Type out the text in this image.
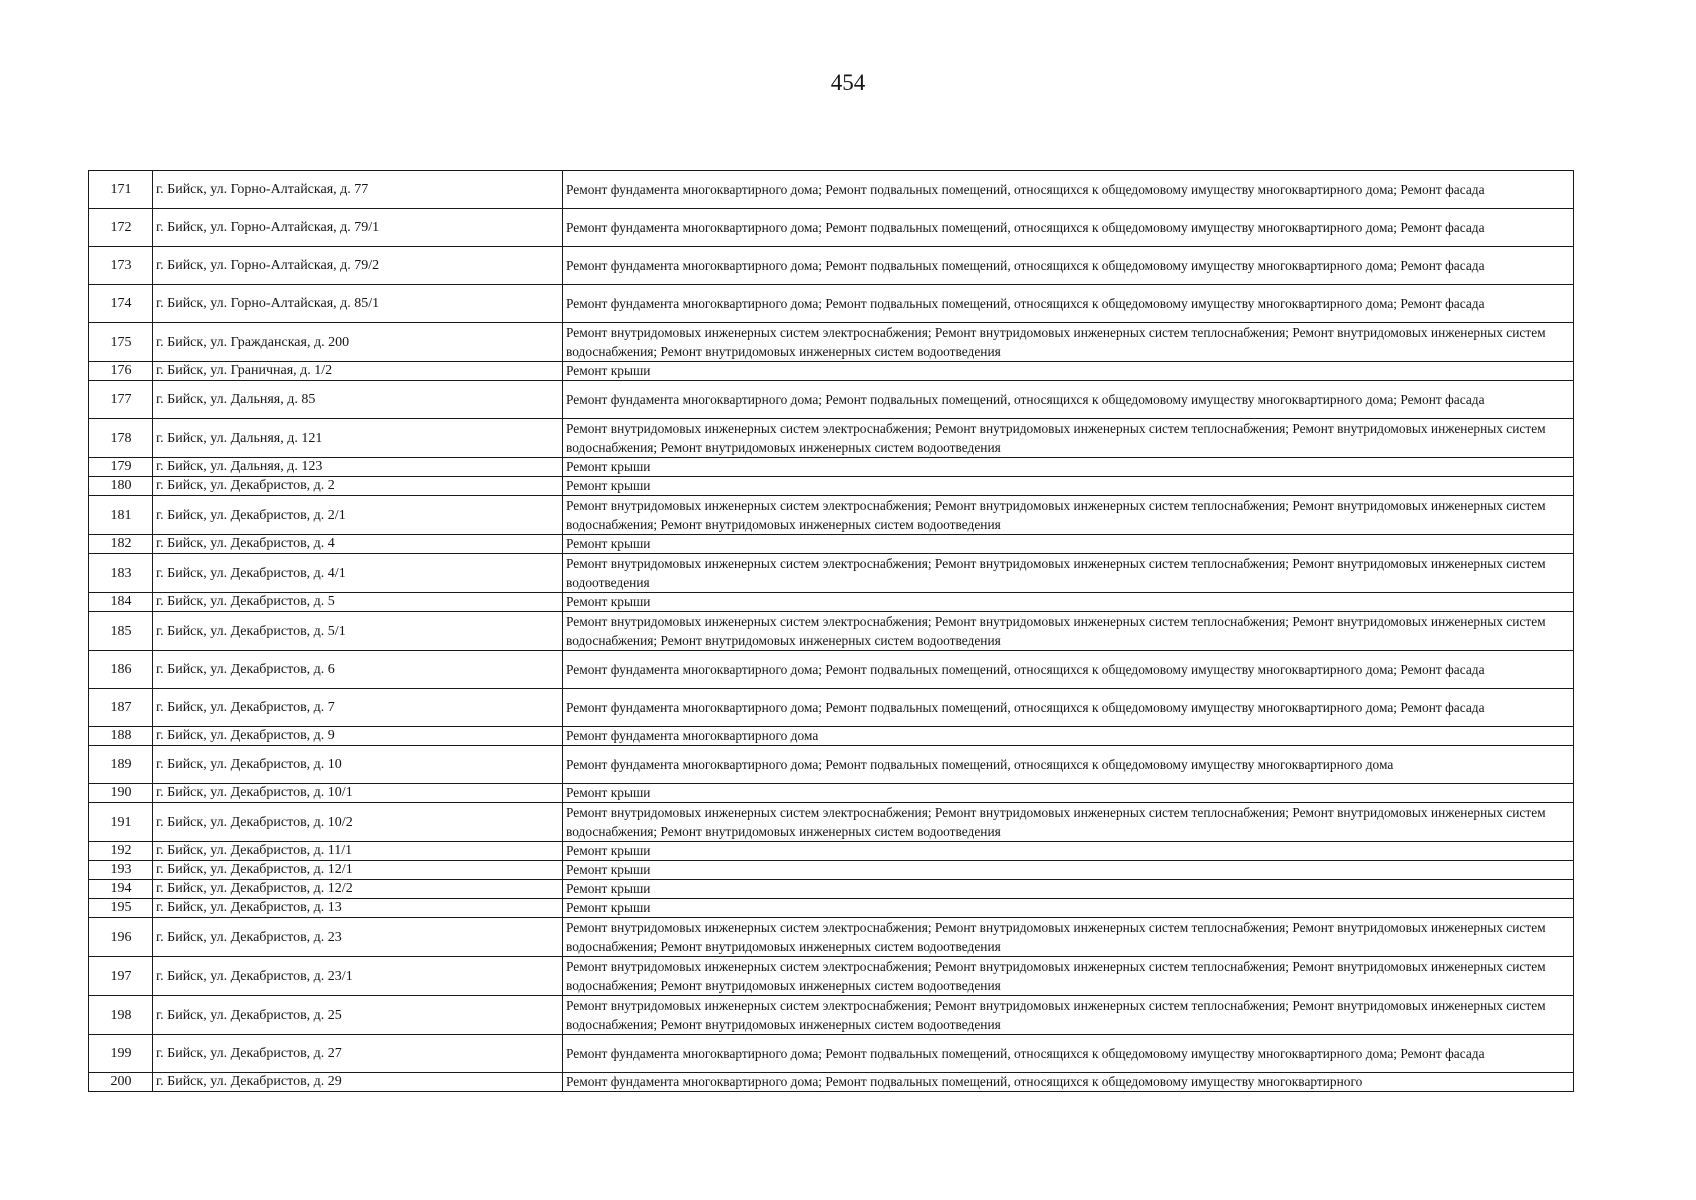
454
171	г. Бийск, ул. Горно-Алтайская, д. 77	Ремонт фундамента многоквартирного дома; Ремонт подвальных помещений, относящихся к общедомовому имуществу многоквартирного дома; Ремонт фасада
172	г. Бийск, ул. Горно-Алтайская, д. 79/1	Ремонт фундамента многоквартирного дома; Ремонт подвальных помещений, относящихся к общедомовому имуществу многоквартирного дома; Ремонт фасада
173	г. Бийск, ул. Горно-Алтайская, д. 79/2	Ремонт фундамента многоквартирного дома; Ремонт подвальных помещений, относящихся к общедомовому имуществу многоквартирного дома; Ремонт фасада
174	г. Бийск, ул. Горно-Алтайская, д. 85/1	Ремонт фундамента многоквартирного дома; Ремонт подвальных помещений, относящихся к общедомовому имуществу многоквартирного дома; Ремонт фасада
175	г. Бийск, ул. Гражданская, д. 200	Ремонт внутридомовых инженерных систем электроснабжения; Ремонт внутридомовых инженерных систем теплоснабжения; Ремонт внутридомовых инженерных систем водоснабжения; Ремонт внутридомовых инженерных систем водоотведения
176	г. Бийск, ул. Граничная, д. 1/2	Ремонт крыши
177	г. Бийск, ул. Дальняя, д. 85	Ремонт фундамента многоквартирного дома; Ремонт подвальных помещений, относящихся к общедомовому имуществу многоквартирного дома; Ремонт фасада
178	г. Бийск, ул. Дальняя, д. 121	Ремонт внутридомовых инженерных систем электроснабжения; Ремонт внутридомовых инженерных систем теплоснабжения; Ремонт внутридомовых инженерных систем водоснабжения; Ремонт внутридомовых инженерных систем водоотведения
179	г. Бийск, ул. Дальняя, д. 123	Ремонт крыши
180	г. Бийск, ул. Декабристов, д. 2	Ремонт крыши
181	г. Бийск, ул. Декабристов, д. 2/1	Ремонт внутридомовых инженерных систем электроснабжения; Ремонт внутридомовых инженерных систем теплоснабжения; Ремонт внутридомовых инженерных систем водоснабжения; Ремонт внутридомовых инженерных систем водоотведения
182	г. Бийск, ул. Декабристов, д. 4	Ремонт крыши
183	г. Бийск, ул. Декабристов, д. 4/1	Ремонт внутридомовых инженерных систем электроснабжения; Ремонт внутридомовых инженерных систем теплоснабжения; Ремонт внутридомовых инженерных систем водоотведения
184	г. Бийск, ул. Декабристов, д. 5	Ремонт крыши
185	г. Бийск, ул. Декабристов, д. 5/1	Ремонт внутридомовых инженерных систем электроснабжения; Ремонт внутридомовых инженерных систем теплоснабжения; Ремонт внутридомовых инженерных систем водоснабжения; Ремонт внутридомовых инженерных систем водоотведения
186	г. Бийск, ул. Декабристов, д. 6	Ремонт фундамента многоквартирного дома; Ремонт подвальных помещений, относящихся к общедомовому имуществу многоквартирного дома; Ремонт фасада
187	г. Бийск, ул. Декабристов, д. 7	Ремонт фундамента многоквартирного дома; Ремонт подвальных помещений, относящихся к общедомовому имуществу многоквартирного дома; Ремонт фасада
188	г. Бийск, ул. Декабристов, д. 9	Ремонт фундамента многоквартирного дома
189	г. Бийск, ул. Декабристов, д. 10	Ремонт фундамента многоквартирного дома; Ремонт подвальных помещений, относящихся к общедомовому имуществу многоквартирного дома
190	г. Бийск, ул. Декабристов, д. 10/1	Ремонт крыши
191	г. Бийск, ул. Декабристов, д. 10/2	Ремонт внутридомовых инженерных систем электроснабжения; Ремонт внутридомовых инженерных систем теплоснабжения; Ремонт внутридомовых инженерных систем водоснабжения; Ремонт внутридомовых инженерных систем водоотведения
192	г. Бийск, ул. Декабристов, д. 11/1	Ремонт крыши
193	г. Бийск, ул. Декабристов, д. 12/1	Ремонт крыши
194	г. Бийск, ул. Декабристов, д. 12/2	Ремонт крыши
195	г. Бийск, ул. Декабристов, д. 13	Ремонт крыши
196	г. Бийск, ул. Декабристов, д. 23	Ремонт внутридомовых инженерных систем электроснабжения; Ремонт внутридомовых инженерных систем теплоснабжения; Ремонт внутридомовых инженерных систем водоснабжения; Ремонт внутридомовых инженерных систем водоотведения
197	г. Бийск, ул. Декабристов, д. 23/1	Ремонт внутридомовых инженерных систем электроснабжения; Ремонт внутридомовых инженерных систем теплоснабжения; Ремонт внутридомовых инженерных систем водоснабжения; Ремонт внутридомовых инженерных систем водоотведения
198	г. Бийск, ул. Декабристов, д. 25	Ремонт внутридомовых инженерных систем электроснабжения; Ремонт внутридомовых инженерных систем теплоснабжения; Ремонт внутридомовых инженерных систем водоснабжения; Ремонт внутридомовых инженерных систем водоотведения
199	г. Бийск, ул. Декабристов, д. 27	Ремонт фундамента многоквартирного дома; Ремонт подвальных помещений, относящихся к общедомовому имуществу многоквартирного дома; Ремонт фасада
200	г. Бийск, ул. Декабристов, д. 29	Ремонт фундамента многоквартирного дома; Ремонт подвальных помещений, относящихся к общедомовому имуществу многоквартирного
